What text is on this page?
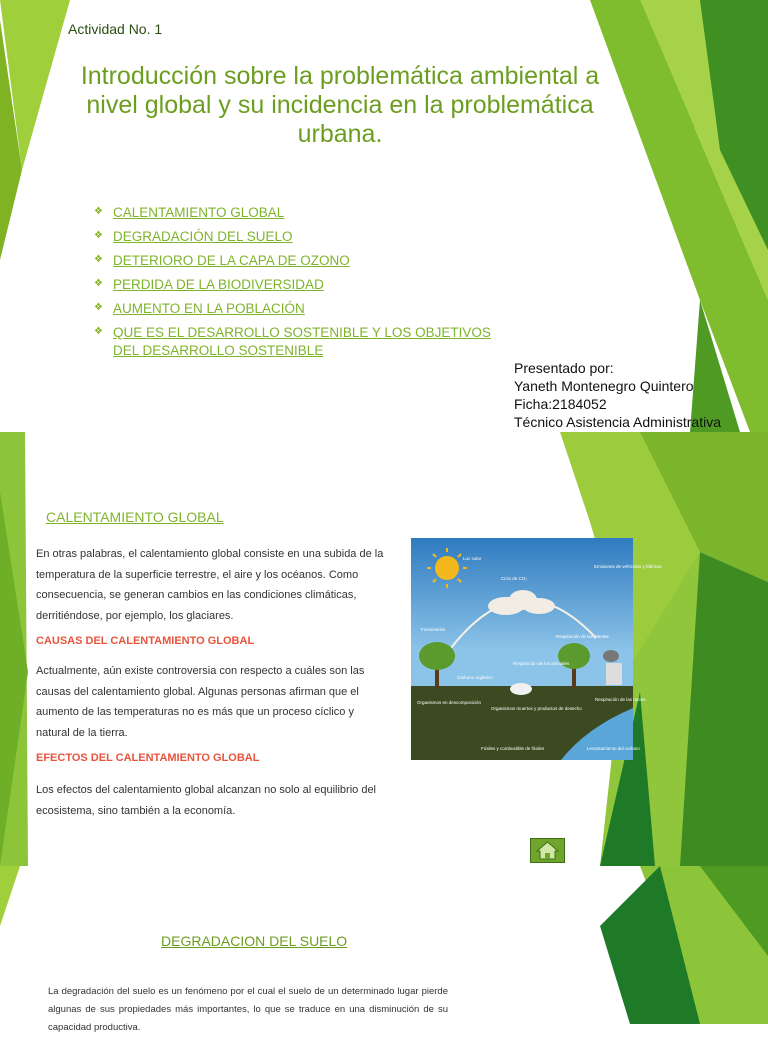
Actividad No. 1
Introducción sobre la problemática ambiental a nivel global y su incidencia en la problemática urbana.
❖ CALENTAMIENTO GLOBAL
❖ DEGRADACIÓN DEL SUELO
❖ DETERIORO DE LA CAPA DE OZONO
❖ PERDIDA DE LA BIODIVERSIDAD
❖ AUMENTO EN LA POBLACIÓN
❖ QUE ES EL DESARROLLO SOSTENIBLE Y LOS OBJETIVOS DEL DESARROLLO SOSTENIBLE
Presentado por:
Yaneth Montenegro Quintero
Ficha:2184052
Técnico Asistencia Administrativa
CALENTAMIENTO GLOBAL

En otras palabras, el calentamiento global consiste en una subida de la temperatura de la superficie terrestre, el aire y los océanos. Como consecuencia, se generan cambios en las condiciones climáticas, derritiéndose, por ejemplo, los glaciares.

CAUSAS DEL CALENTAMIENTO GLOBAL

Actualmente, aún existe controversia con respecto a cuáles son las causas del calentamiento global. Algunas personas afirman que el aumento de las temperaturas no es más que un proceso cíclico y natural de la tierra.

EFECTOS DEL CALENTAMIENTO GLOBAL

Los efectos del calentamiento global alcanzan no solo al equilibrio del ecosistema, sino también a la economía.

Luz solar
Ciclo de CO₂
Emisiones de vehículos y fábricas
Fotosíntesis
Respiración de las plantas
Respiración de los animales
Carbono orgánico
Organismos en descomposición
Organismos muertos y productos de desecho
Respiración de las raíces
Fósiles y combustible de fósiles	Levantamiento del océano
DEGRADACION DEL SUELO

La degradación del suelo es un fenómeno por el cual el suelo de un determinado lugar pierde algunas de sus propiedades más importantes, lo que se traduce en una disminución de su capacidad productiva.
